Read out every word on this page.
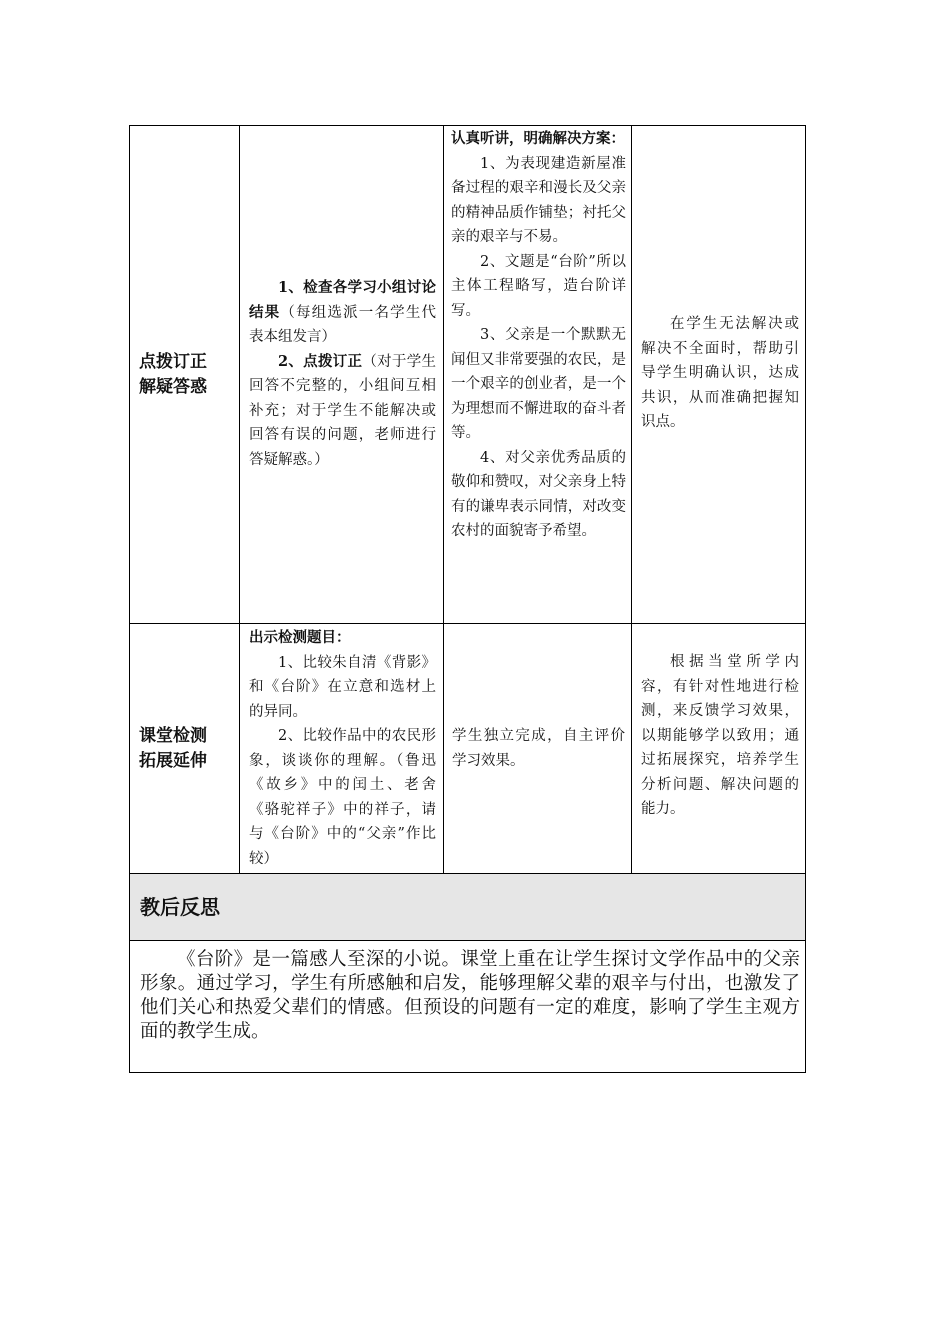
点拨订正
解疑答惑

1、检查各学习小组讨论结果（每组选派一名学生代表本组发言）

2、点拨订正（对于学生回答不完整的，小组间互相补充；对于学生不能解决或回答有误的问题，老师进行答疑解惑。）

认真听讲，明确解决方案：

1、为表现建造新屋准备过程的艰辛和漫长及父亲的精神品质作铺垫；衬托父亲的艰辛与不易。

2、文题是“台阶”所以主体工程略写，造台阶详写。

3、父亲是一个默默无闻但又非常要强的农民，是一个艰辛的创业者，是一个为理想而不懈进取的奋斗者等。

4、对父亲优秀品质的敬仰和赞叹，对父亲身上特有的谦卑表示同情，对改变农村的面貌寄予希望。

在学生无法解决或解决不全面时，帮助引导学生明确认识，达成共识，从而准确把握知识点。

课堂检测
拓展延伸

出示检测题目：

1、比较朱自清《背影》和《台阶》在立意和选材上的异同。

2、比较作品中的农民形象，谈谈你的理解。（鲁迅《故乡》中的闰土、老舍《骆驼祥子》中的祥子，请与《台阶》中的“父亲”作比较）

学生独立完成，自主评价学习效果。

根据当堂所学内容，有针对性地进行检测，来反馈学习效果，以期能够学以致用；通过拓展探究，培养学生分析问题、解决问题的能力。

教后反思

《台阶》是一篇感人至深的小说。课堂上重在让学生探讨文学作品中的父亲形象。通过学习，学生有所感触和启发，能够理解父辈的艰辛与付出，也激发了他们关心和热爱父辈们的情感。但预设的问题有一定的难度，影响了学生主观方面的教学生成。
